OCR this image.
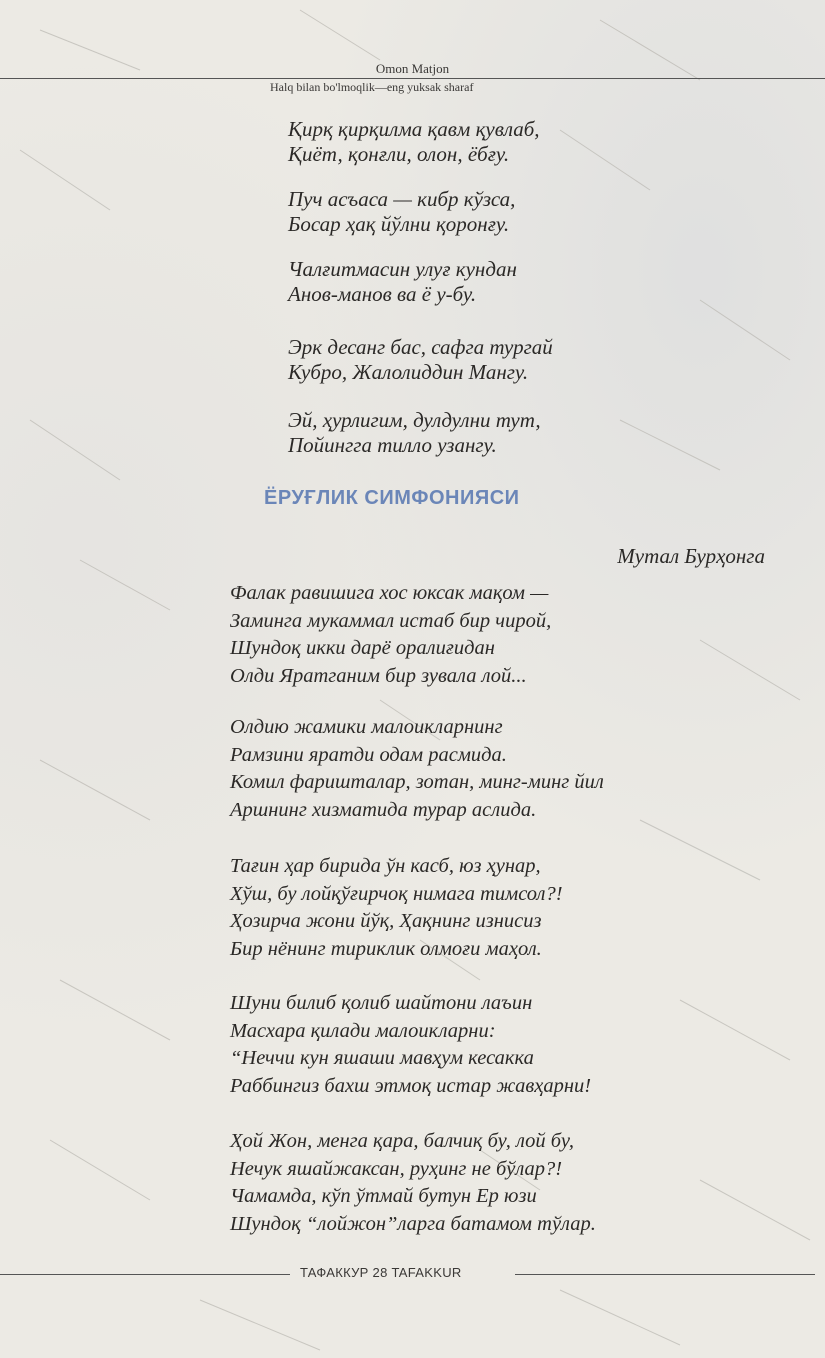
Omon Matjon
Halq bilan bo'lmoqlik—eng yuksak sharaf
Қирқ қирқилма қавм қувлаб,
Қиёт, қонғли, олон, ёбғу.
Пуч асъаса — кибр кўзса,
Босар ҳақ йўлни қоронғу.
Чалғитмасин улуғ кундан
Анов-манов ва ё у-бу.
Эрк десанг бас, сафга тургай
Кубро, Жалолиддин Мангу.
Эй, ҳурлигим, дулдулни тут,
Пойингга тилло узангу.
ЁРУҒЛИК СИМФОНИЯСИ
Мутал Бурҳонга
Фалак равишига хос юксак мақом —
Заминга мукаммал истаб бир чирой,
Шундоқ икки дарё оралиғидан
Олди Яратганим бир зувала лой...
Олдию жамики малоикларнинг
Рамзини яратди одам расмида.
Комил фаришталар, зотан, минг-минг йил
Аршнинг хизматида турар аслида.
Тағин ҳар бирида ўн касб, юз ҳунар,
Хўш, бу лойқўғирчоқ нимага тимсол?!
Ҳозирча жони йўқ, Ҳақнинг изнисиз
Бир нёнинг тириклик олмоғи маҳол.
Шуни билиб қолиб шайтони лаъин
Масхара қилади малоикларни:
“Неччи кун яшаши мавҳум кесакка
Раббингиз бахш этмоқ истар жавҳарни!
Ҳой Жон, менга қара, балчиқ бу, лой бу,
Нечук яшайжаксан, руҳинг не бўлар?!
Чамамда, кўп ўтмай бутун Ер юзи
Шундоқ “лойжон”ларга батамом тўлар.
ТАФАККУР 28 TAFAKKUR
